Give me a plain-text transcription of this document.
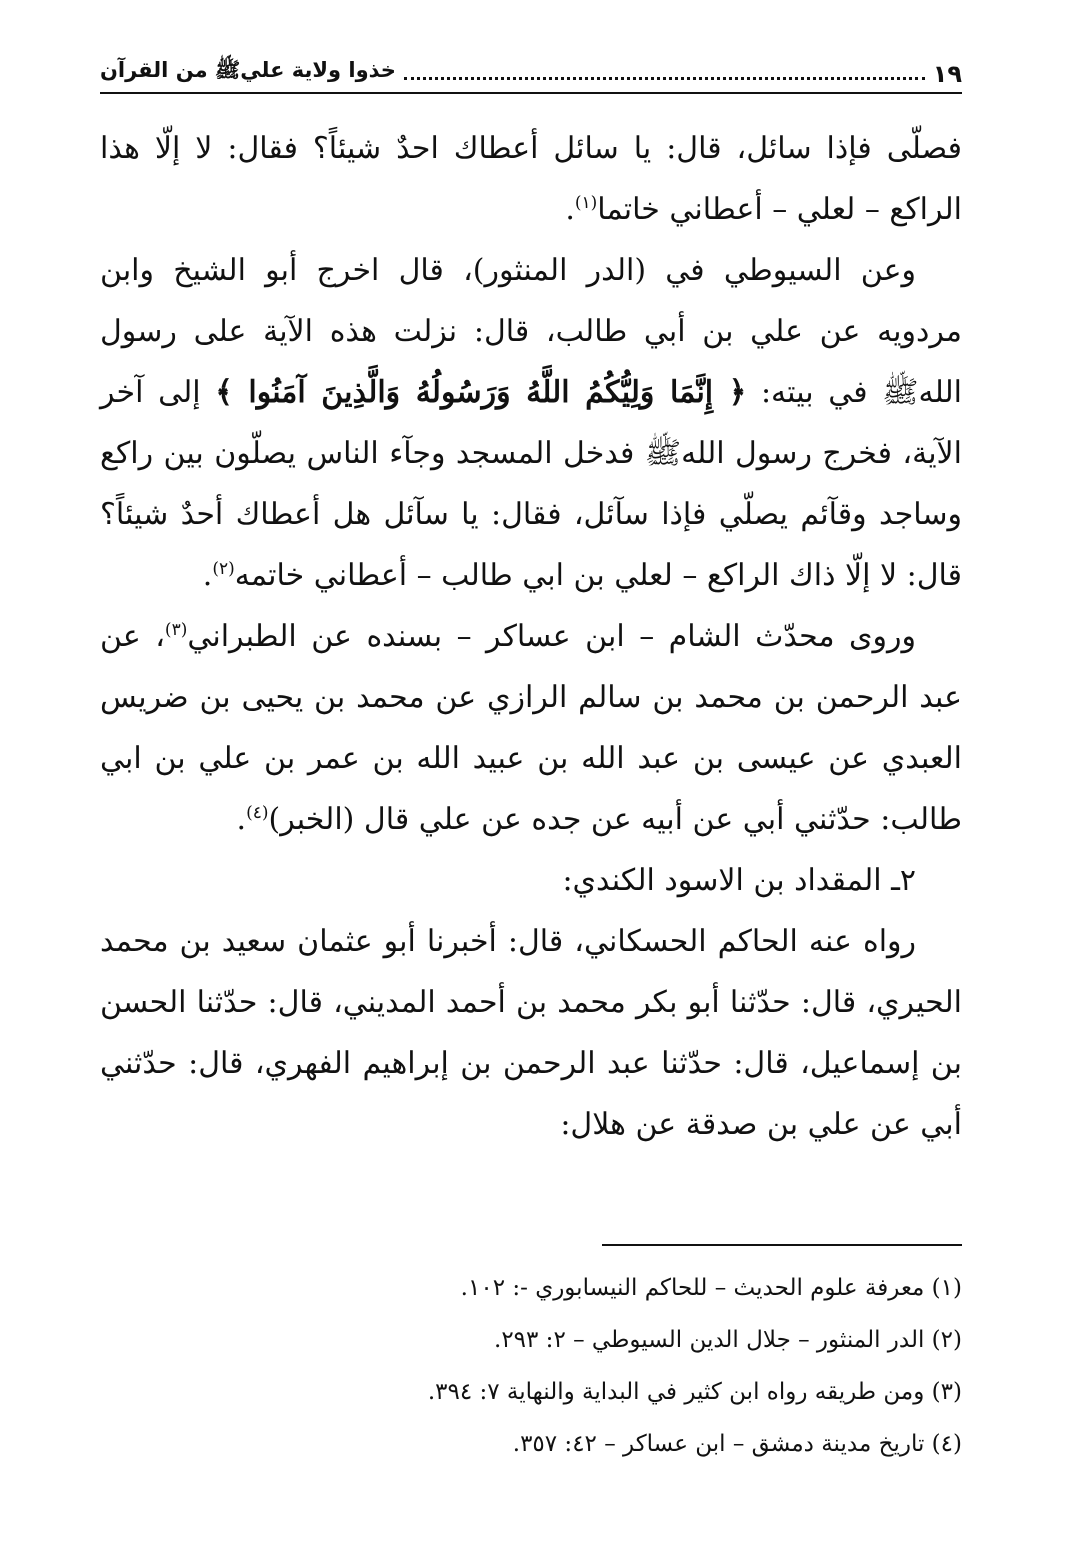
١٩
خذوا ولاية عليﷺ من القرآن

فصلّى فإذا سائل، قال: يا سائل أعطاك احدٌ شيئاً؟ فقال: لا إلّا هذا الراكع – لعلي – أعطاني خاتما$^{(١)}$.

وعن السيوطي في (الدر المنثور)، قال اخرج أبو الشيخ وابن مردويه عن علي بن أبي طالب، قال: نزلت هذه الآية على رسول اللهﷺ في بيته: ﴿ إِنَّمَا وَلِيُّكُمُ اللَّهُ وَرَسُولُهُ وَالَّذِينَ آمَنُوا ﴾ إلى آخر الآية، فخرج رسول اللهﷺ فدخل المسجد وجآء الناس يصلّون بين راكع وساجد وقآئم يصلّي فإذا سآئل، فقال: يا سآئل هل أعطاك أحدٌ شيئاً؟ قال: لا إلّا ذاك الراكع – لعلي بن ابي طالب – أعطاني خاتمه$^{(٢)}$.

وروى محدّث الشام – ابن عساكر – بسنده عن الطبراني$^{(٣)}$، عن عبد الرحمن بن محمد بن سالم الرازي عن محمد بن يحيى بن ضريس العبدي عن عيسى بن عبد الله بن عبيد الله بن عمر بن علي بن ابي طالب: حدّثني أبي عن أبيه عن جده عن علي قال (الخبر)$^{(٤)}$.

٢ـ المقداد بن الاسود الكندي:

رواه عنه الحاكم الحسكاني، قال: أخبرنا أبو عثمان سعيد بن محمد الحيري، قال: حدّثنا أبو بكر محمد بن أحمد المديني، قال: حدّثنا الحسن بن إسماعيل، قال: حدّثنا عبد الرحمن بن إبراهيم الفهري، قال: حدّثني أبي عن علي بن صدقة عن هلال:

(١) معرفة علوم الحديث – للحاكم النيسابوري -: ١٠٢.

(٢) الدر المنثور – جلال الدين السيوطي – ٢: ٢٩٣.

(٣) ومن طريقه رواه ابن كثير في البداية والنهاية ٧: ٣٩٤.

(٤) تاريخ مدينة دمشق – ابن عساكر – ٤٢: ٣٥٧.
